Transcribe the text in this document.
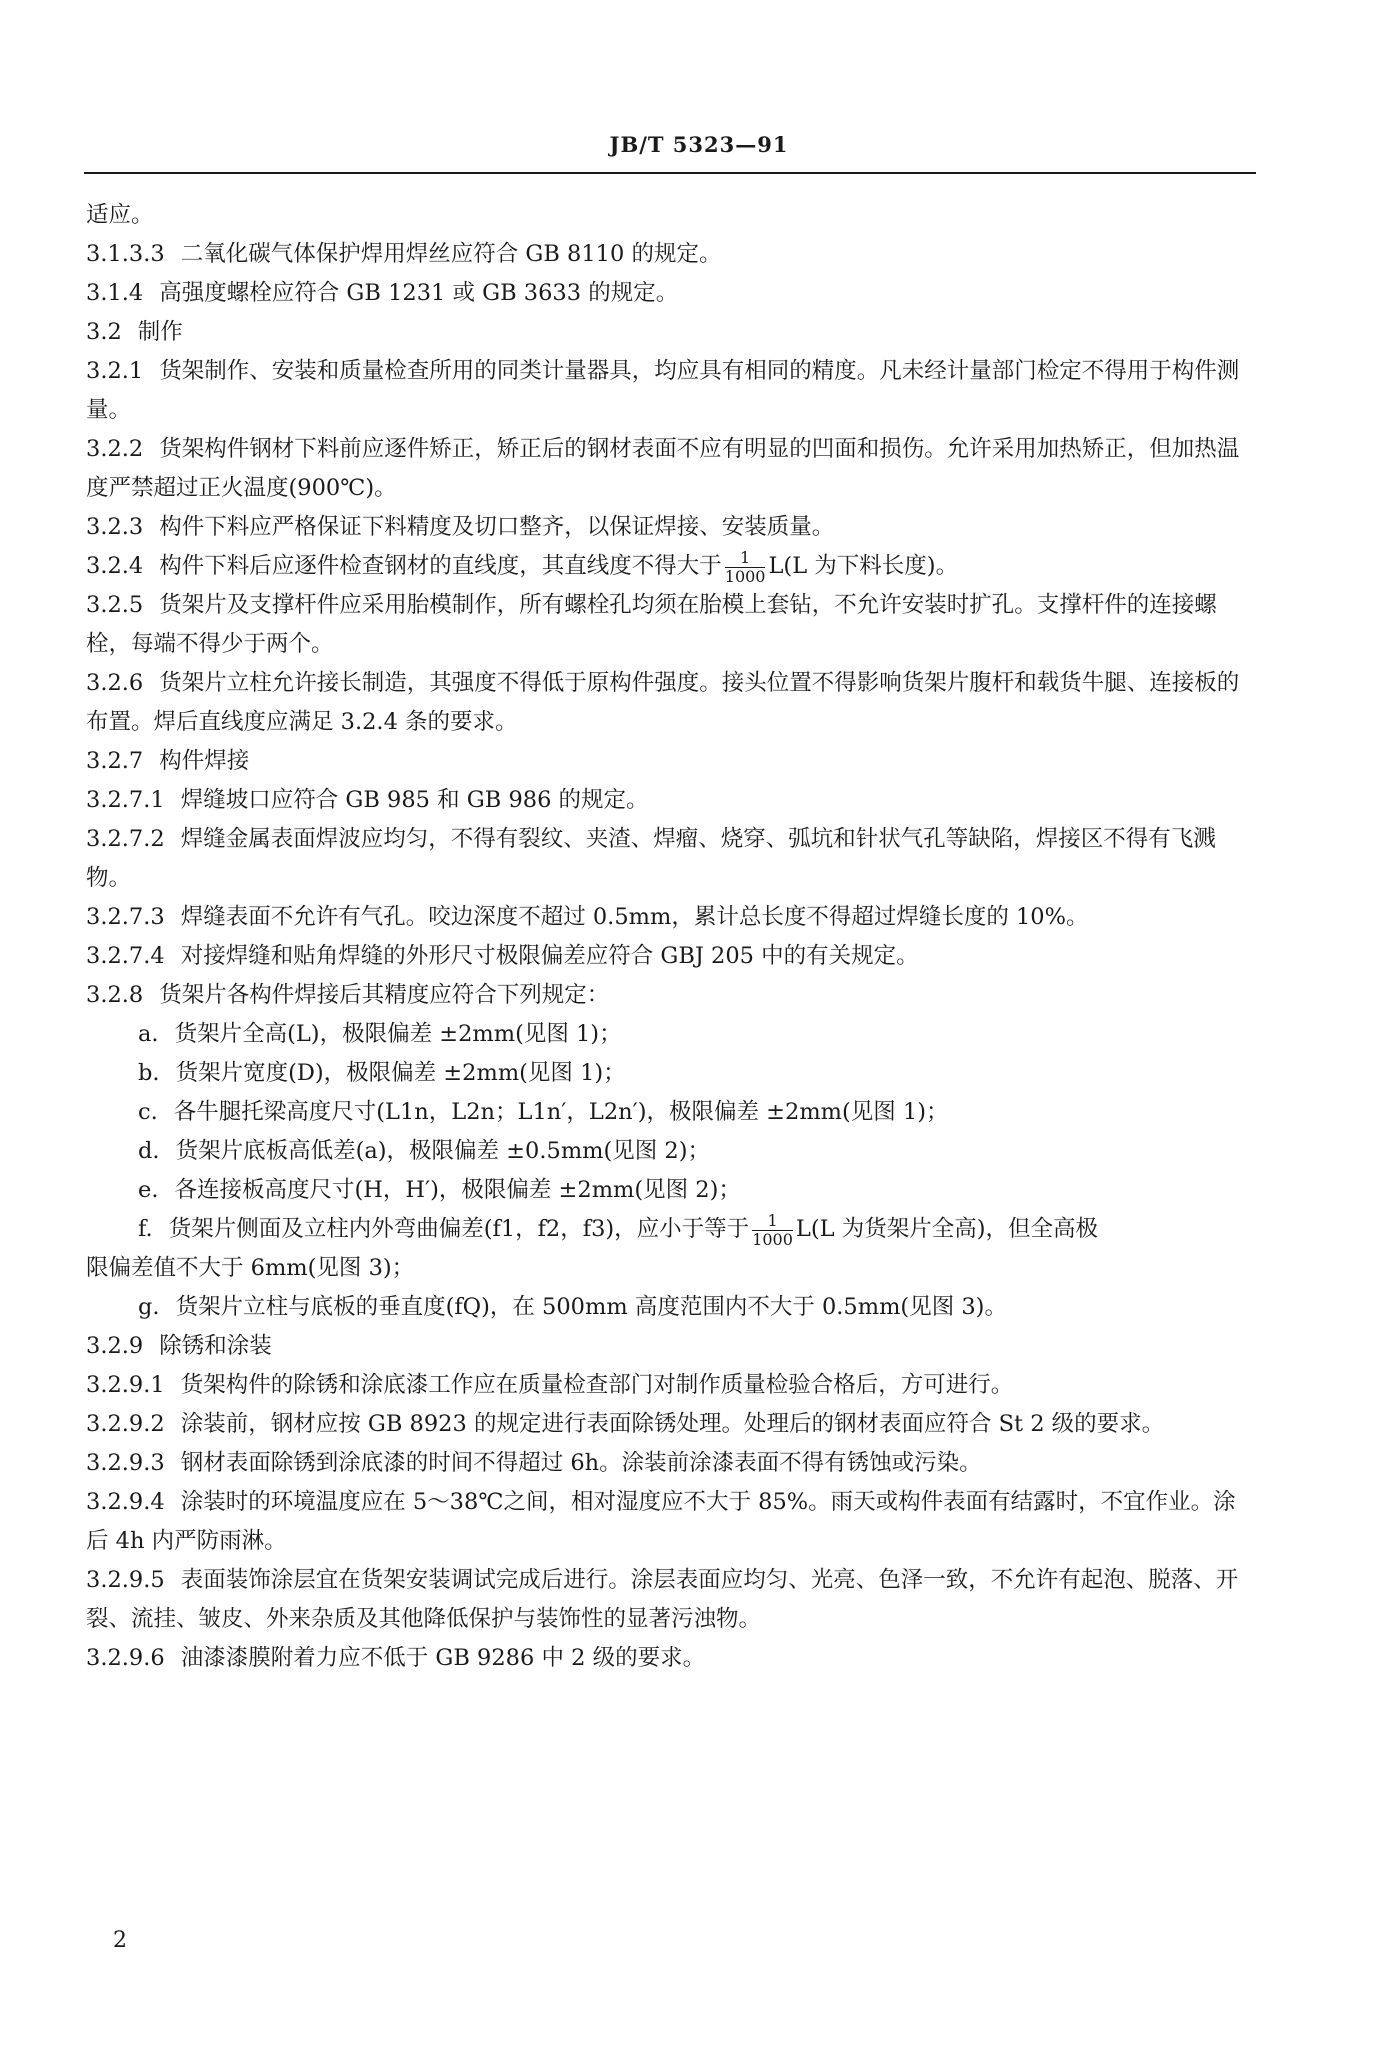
JB/T 5323—91

适应。

3.1.3.3 二氧化碳气体保护焊用焊丝应符合 GB 8110 的规定。

3.1.4 高强度螺栓应符合 GB 1231 或 GB 3633 的规定。

3.2 制作

3.2.1 货架制作、安装和质量检查所用的同类计量器具，均应具有相同的精度。凡未经计量部门检定不得用于构件测量。

3.2.2 货架构件钢材下料前应逐件矫正，矫正后的钢材表面不应有明显的凹面和损伤。允许采用加热矫正，但加热温度严禁超过正火温度(900℃)。

3.2.3 构件下料应严格保证下料精度及切口整齐，以保证焊接、安装质量。

3.2.4 构件下料后应逐件检查钢材的直线度，其直线度不得大于 $\frac{1}{1000} L(L$ 为下料长度)。

3.2.5 货架片及支撑杆件应采用胎模制作，所有螺栓孔均须在胎模上套钻，不允许安装时扩孔。支撑杆件的连接螺栓，每端不得少于两个。

3.2.6 货架片立柱允许接长制造，其强度不得低于原构件强度。接头位置不得影响货架片腹杆和载货牛腿、连接板的布置。焊后直线度应满足 3.2.4 条的要求。

3.2.7 构件焊接

3.2.7.1 焊缝坡口应符合 GB 985 和 GB 986 的规定。

3.2.7.2 焊缝金属表面焊波应均匀，不得有裂纹、夹渣、焊瘤、烧穿、弧坑和针状气孔等缺陷，焊接区不得有飞溅物。

3.2.7.3 焊缝表面不允许有气孔。咬边深度不超过 0.5mm，累计总长度不得超过焊缝长度的 10%。

3.2.7.4 对接焊缝和贴角焊缝的外形尺寸极限偏差应符合 GBJ 205 中的有关规定。

3.2.8 货架片各构件焊接后其精度应符合下列规定：

a. 货架片全高(L)，极限偏差 ±2mm(见图 1)；

b. 货架片宽度(D)，极限偏差 ±2mm(见图 1)；

c. 各牛腿托梁高度尺寸(L1n，L2n；L1n′，L2n′)，极限偏差 ±2mm(见图 1)；

d. 货架片底板高低差(a)，极限偏差 ±0.5mm(见图 2)；

e. 各连接板高度尺寸(H，H′)，极限偏差 ±2mm(见图 2)；

f. 货架片侧面及立柱内外弯曲偏差(f1，f2，f3)，应小于等于 $\frac{1}{1000} L(L$ 为货架片全高)，但全高极

限偏差值不大于 6mm(见图 3)；

g. 货架片立柱与底板的垂直度(fQ)，在 500mm 高度范围内不大于 0.5mm(见图 3)。

3.2.9 除锈和涂装

3.2.9.1 货架构件的除锈和涂底漆工作应在质量检查部门对制作质量检验合格后，方可进行。

3.2.9.2 涂装前，钢材应按 GB 8923 的规定进行表面除锈处理。处理后的钢材表面应符合 St 2 级的要求。

3.2.9.3 钢材表面除锈到涂底漆的时间不得超过 6h。涂装前涂漆表面不得有锈蚀或污染。

3.2.9.4 涂装时的环境温度应在 5～38℃之间，相对湿度应不大于 85%。雨天或构件表面有结露时，不宜作业。涂后 4h 内严防雨淋。

3.2.9.5 表面装饰涂层宜在货架安装调试完成后进行。涂层表面应均匀、光亮、色泽一致，不允许有起泡、脱落、开裂、流挂、皱皮、外来杂质及其他降低保护与装饰性的显著污浊物。

3.2.9.6 油漆漆膜附着力应不低于 GB 9286 中 2 级的要求。

2
